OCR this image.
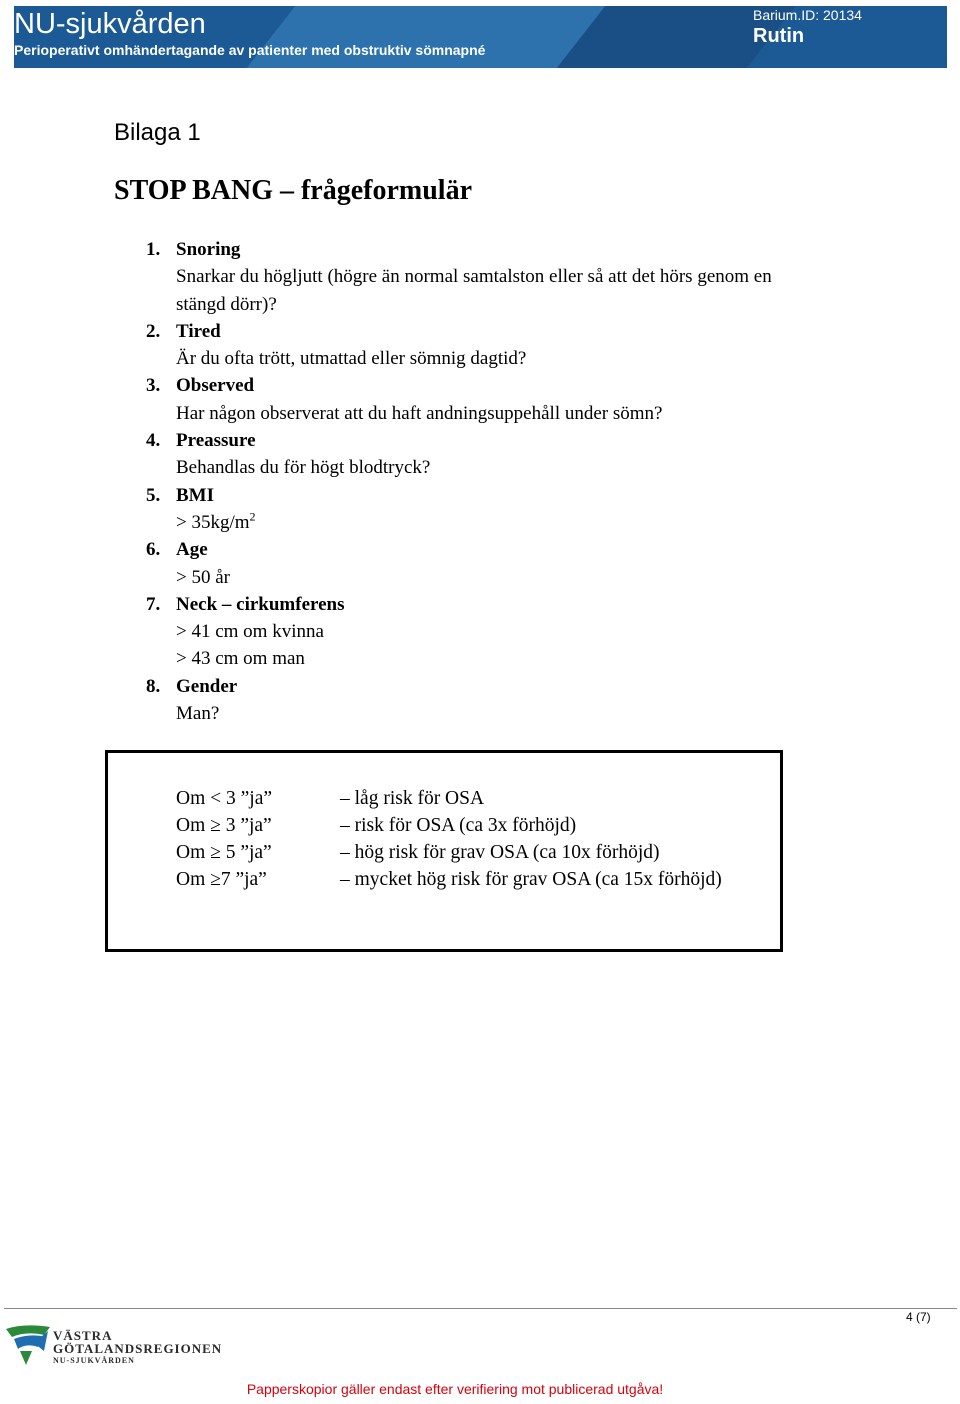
NU-sjukvården
Perioperativt omhändertagande av patienter med obstruktiv sömnapné
Barium.ID: 20134
Rutin
Bilaga 1
STOP BANG – frågeformulär
1. Snoring
Snarkar du högljutt (högre än normal samtalston eller så att det hörs genom en
stängd dörr)?
2. Tired
Är du ofta trött, utmattad eller sömnig dagtid?
3. Observed
Har någon observerat att du haft andningsuppehåll under sömn?
4. Preassure
Behandlas du för högt blodtryck?
5. BMI
> $35kg/m^2$
6. Age
> 50 år
7. Neck – cirkumferens
> 41 cm om kvinna
> 43 cm om man
8. Gender
Man?
Om < 3 ”ja”	– låg risk för OSA
Om ≥ 3 ”ja”	– risk för OSA (ca 3x förhöjd)
Om ≥ 5 ”ja”	– hög risk för grav OSA (ca 10x förhöjd)
Om ≥7 ”ja”	– mycket hög risk för grav OSA (ca 15x förhöjd)
4 (7)
VÄSTRA
GÖTALANDSREGIONEN
NU-SJUKVÅRDEN
Papperskopior gäller endast efter verifiering mot publicerad utgåva!
